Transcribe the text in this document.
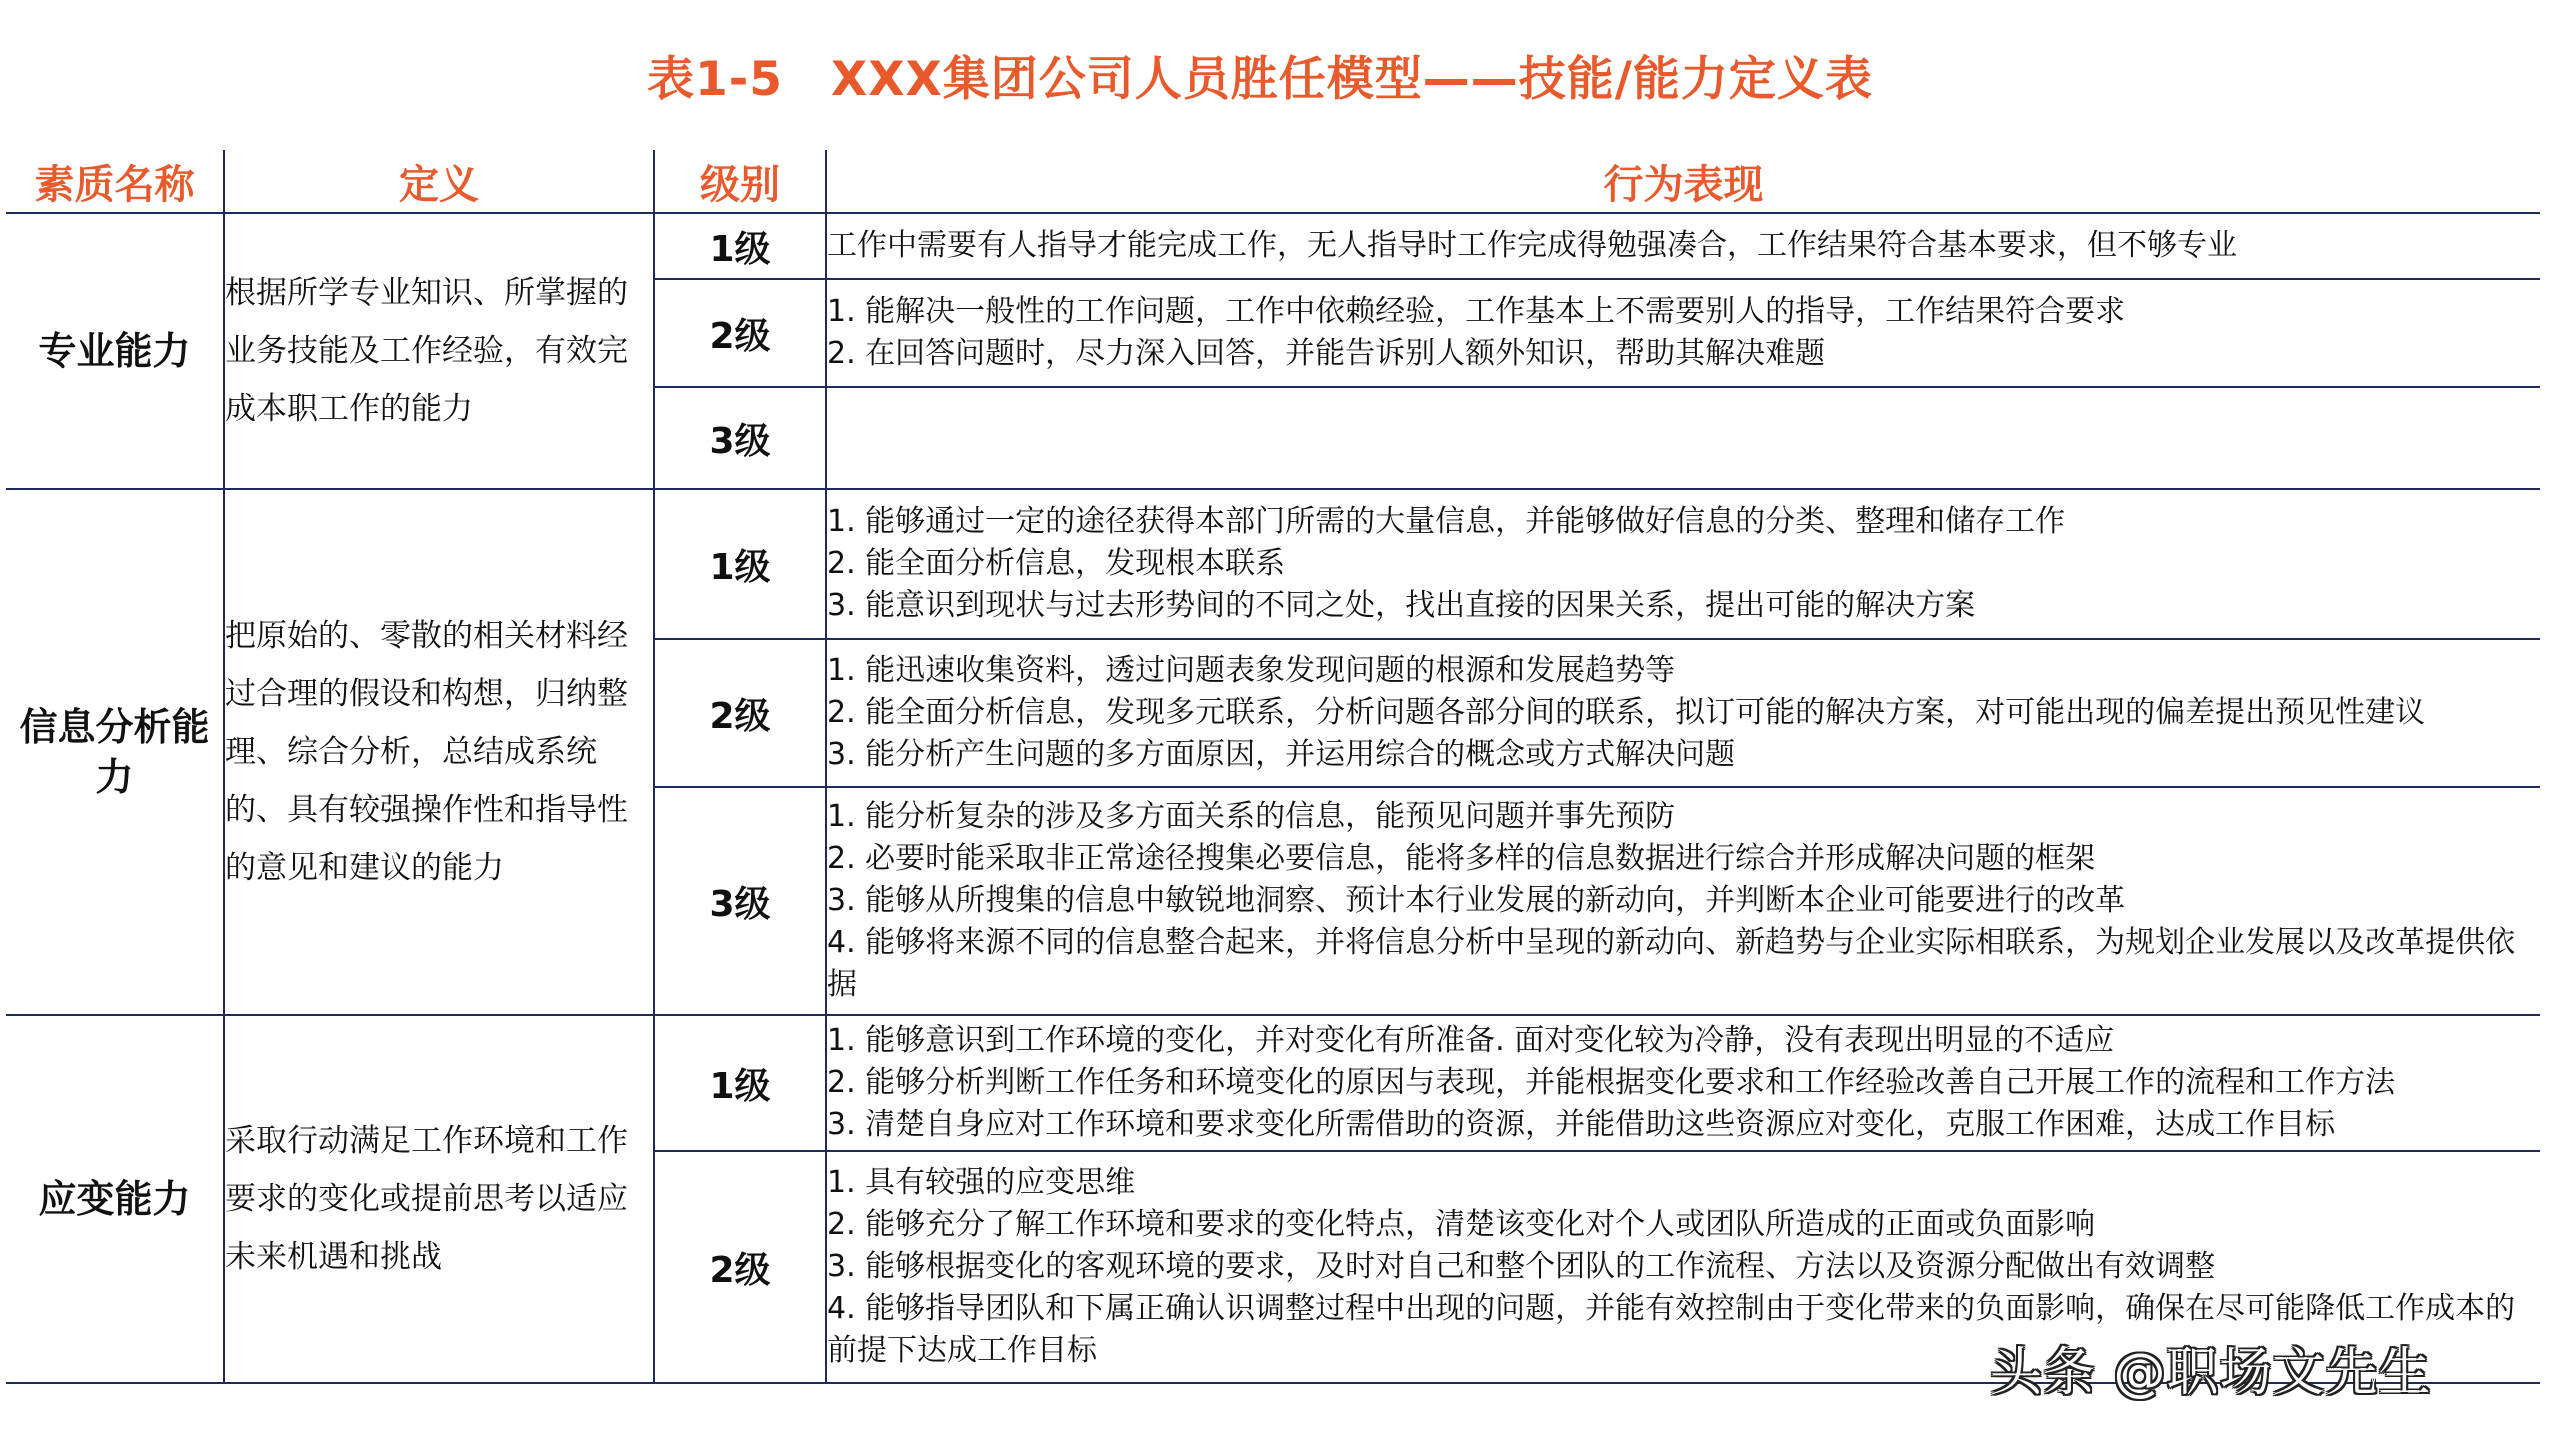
表1-5　XXX集团公司人员胜任模型——技能/能力定义表
素质名称	定义	级别	行为表现
专业能力	根据所学专业知识、所掌握的业务技能及工作经验，有效完成本职工作的能力	1级	工作中需要有人指导才能完成工作，无人指导时工作完成得勉强凑合，工作结果符合基本要求，但不够专业

		2级	1. 能解决一般性的工作问题，工作中依赖经验，工作基本上不需要别人的指导，工作结果符合要求
2. 在回答问题时，尽力深入回答，并能告诉别人额外知识，帮助其解决难题

		3级	
信息分析能力	把原始的、零散的相关材料经过合理的假设和构想，归纳整理、综合分析，总结成系统的、具有较强操作性和指导性的意见和建议的能力	1级	1. 能够通过一定的途径获得本部门所需的大量信息，并能够做好信息的分类、整理和储存工作
2. 能全面分析信息，发现根本联系
3. 能意识到现状与过去形势间的不同之处，找出直接的因果关系，提出可能的解决方案

		2级	1. 能迅速收集资料，透过问题表象发现问题的根源和发展趋势等
2. 能全面分析信息，发现多元联系，分析问题各部分间的联系，拟订可能的解决方案，对可能出现的偏差提出预见性建议
3. 能分析产生问题的多方面原因，并运用综合的概念或方式解决问题

		3级	1. 能分析复杂的涉及多方面关系的信息，能预见问题并事先预防
2. 必要时能采取非正常途径搜集必要信息，能将多样的信息数据进行综合并形成解决问题的框架
3. 能够从所搜集的信息中敏锐地洞察、预计本行业发展的新动向，并判断本企业可能要进行的改革
4. 能够将来源不同的信息整合起来，并将信息分析中呈现的新动向、新趋势与企业实际相联系，为规划企业发展以及改革提供依据

应变能力	采取行动满足工作环境和工作要求的变化或提前思考以适应未来机遇和挑战	1级	1. 能够意识到工作环境的变化，并对变化有所准备. 面对变化较为冷静，没有表现出明显的不适应
2. 能够分析判断工作任务和环境变化的原因与表现，并能根据变化要求和工作经验改善自己开展工作的流程和工作方法
3. 清楚自身应对工作环境和要求变化所需借助的资源，并能借助这些资源应对变化，克服工作困难，达成工作目标

		2级	1. 具有较强的应变思维
2. 能够充分了解工作环境和要求的变化特点，清楚该变化对个人或团队所造成的正面或负面影响
3. 能够根据变化的客观环境的要求，及时对自己和整个团队的工作流程、方法以及资源分配做出有效调整
4. 能够指导团队和下属正确认识调整过程中出现的问题，并能有效控制由于变化带来的负面影响，确保在尽可能降低工作成本的前提下达成工作目标	头条 @职场文先生
